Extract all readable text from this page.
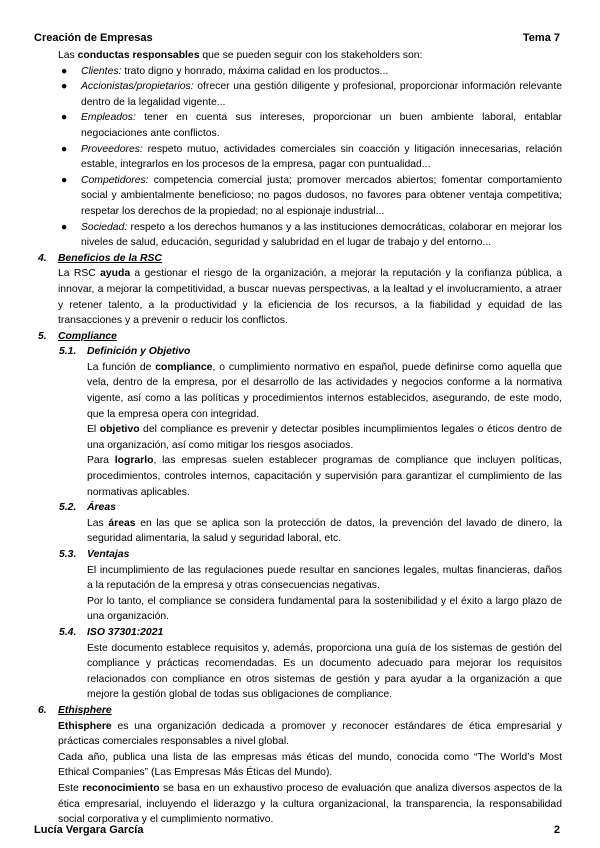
Creación de Empresas	Tema 7

Las conductas responsables que se pueden seguir con los stakeholders son:

● Clientes: trato digno y honrado, máxima calidad en los productos...
● Accionistas/propietarios: ofrecer una gestión diligente y profesional, proporcionar información relevante dentro de la legalidad vigente...
● Empleados: tener en cuenta sus intereses, proporcionar un buen ambiente laboral, entablar negociaciones ante conflictos.
● Proveedores: respeto mutuo, actividades comerciales sin coacción y litigación innecesarias, relación estable, integrarlos en los procesos de la empresa, pagar con puntualidad...
● Competidores: competencia comercial justa; promover mercados abiertos; fomentar comportamiento social y ambientalmente beneficioso; no pagos dudosos, no favores para obtener ventaja competitiva; respetar los derechos de la propiedad; no al espionaje industrial...
● Sociedad: respeto a los derechos humanos y a las instituciones democráticas, colaborar en mejorar los niveles de salud, educación, seguridad y salubridad en el lugar de trabajo y del entorno...
4. Beneficios de la RSC

La RSC ayuda a gestionar el riesgo de la organización, a mejorar la reputación y la confianza pública, a innovar, a mejorar la competitividad, a buscar nuevas perspectivas, a la lealtad y el involucramiento, a atraer y retener talento, a la productividad y la eficiencia de los recursos, a la fiabilidad y equidad de las transacciones y a prevenir o reducir los conflictos.

5. Compliance
5.1. Definición y Objetivo

La función de compliance, o cumplimiento normativo en español, puede definirse como aquella que vela, dentro de la empresa, por el desarrollo de las actividades y negocios conforme a la normativa vigente, así como a las políticas y procedimientos internos establecidos, asegurando, de este modo, que la empresa opera con integridad.

El objetivo del compliance es prevenir y detectar posibles incumplimientos legales o éticos dentro de una organización, así como mitigar los riesgos asociados.

Para lograrlo, las empresas suelen establecer programas de compliance que incluyen políticas, procedimientos, controles internos, capacitación y supervisión para garantizar el cumplimiento de las normativas aplicables.

5.2. Áreas

Las áreas en las que se aplica son la protección de datos, la prevención del lavado de dinero, la seguridad alimentaria, la salud y seguridad laboral, etc.

5.3. Ventajas

El incumplimiento de las regulaciones puede resultar en sanciones legales, multas financieras, daños a la reputación de la empresa y otras consecuencias negativas.

Por lo tanto, el compliance se considera fundamental para la sostenibilidad y el éxito a largo plazo de una organización.

5.4. ISO 37301:2021

Este documento establece requisitos y, además, proporciona una guía de los sistemas de gestión del compliance y prácticas recomendadas. Es un documento adecuado para mejorar los requisitos relacionados con compliance en otros sistemas de gestión y para ayudar a la organización a que mejore la gestión global de todas sus obligaciones de compliance.

6. Ethisphere

Ethisphere es una organización dedicada a promover y reconocer estándares de ética empresarial y prácticas comerciales responsables a nivel global.

Cada año, publica una lista de las empresas más éticas del mundo, conocida como “The World’s Most Ethical Companies” (Las Empresas Más Éticas del Mundo).

Este reconocimiento se basa en un exhaustivo proceso de evaluación que analiza diversos aspectos de la ética empresarial, incluyendo el liderazgo y la cultura organizacional, la transparencia, la responsabilidad social corporativa y el cumplimiento normativo.

Lucía Vergara García	2
